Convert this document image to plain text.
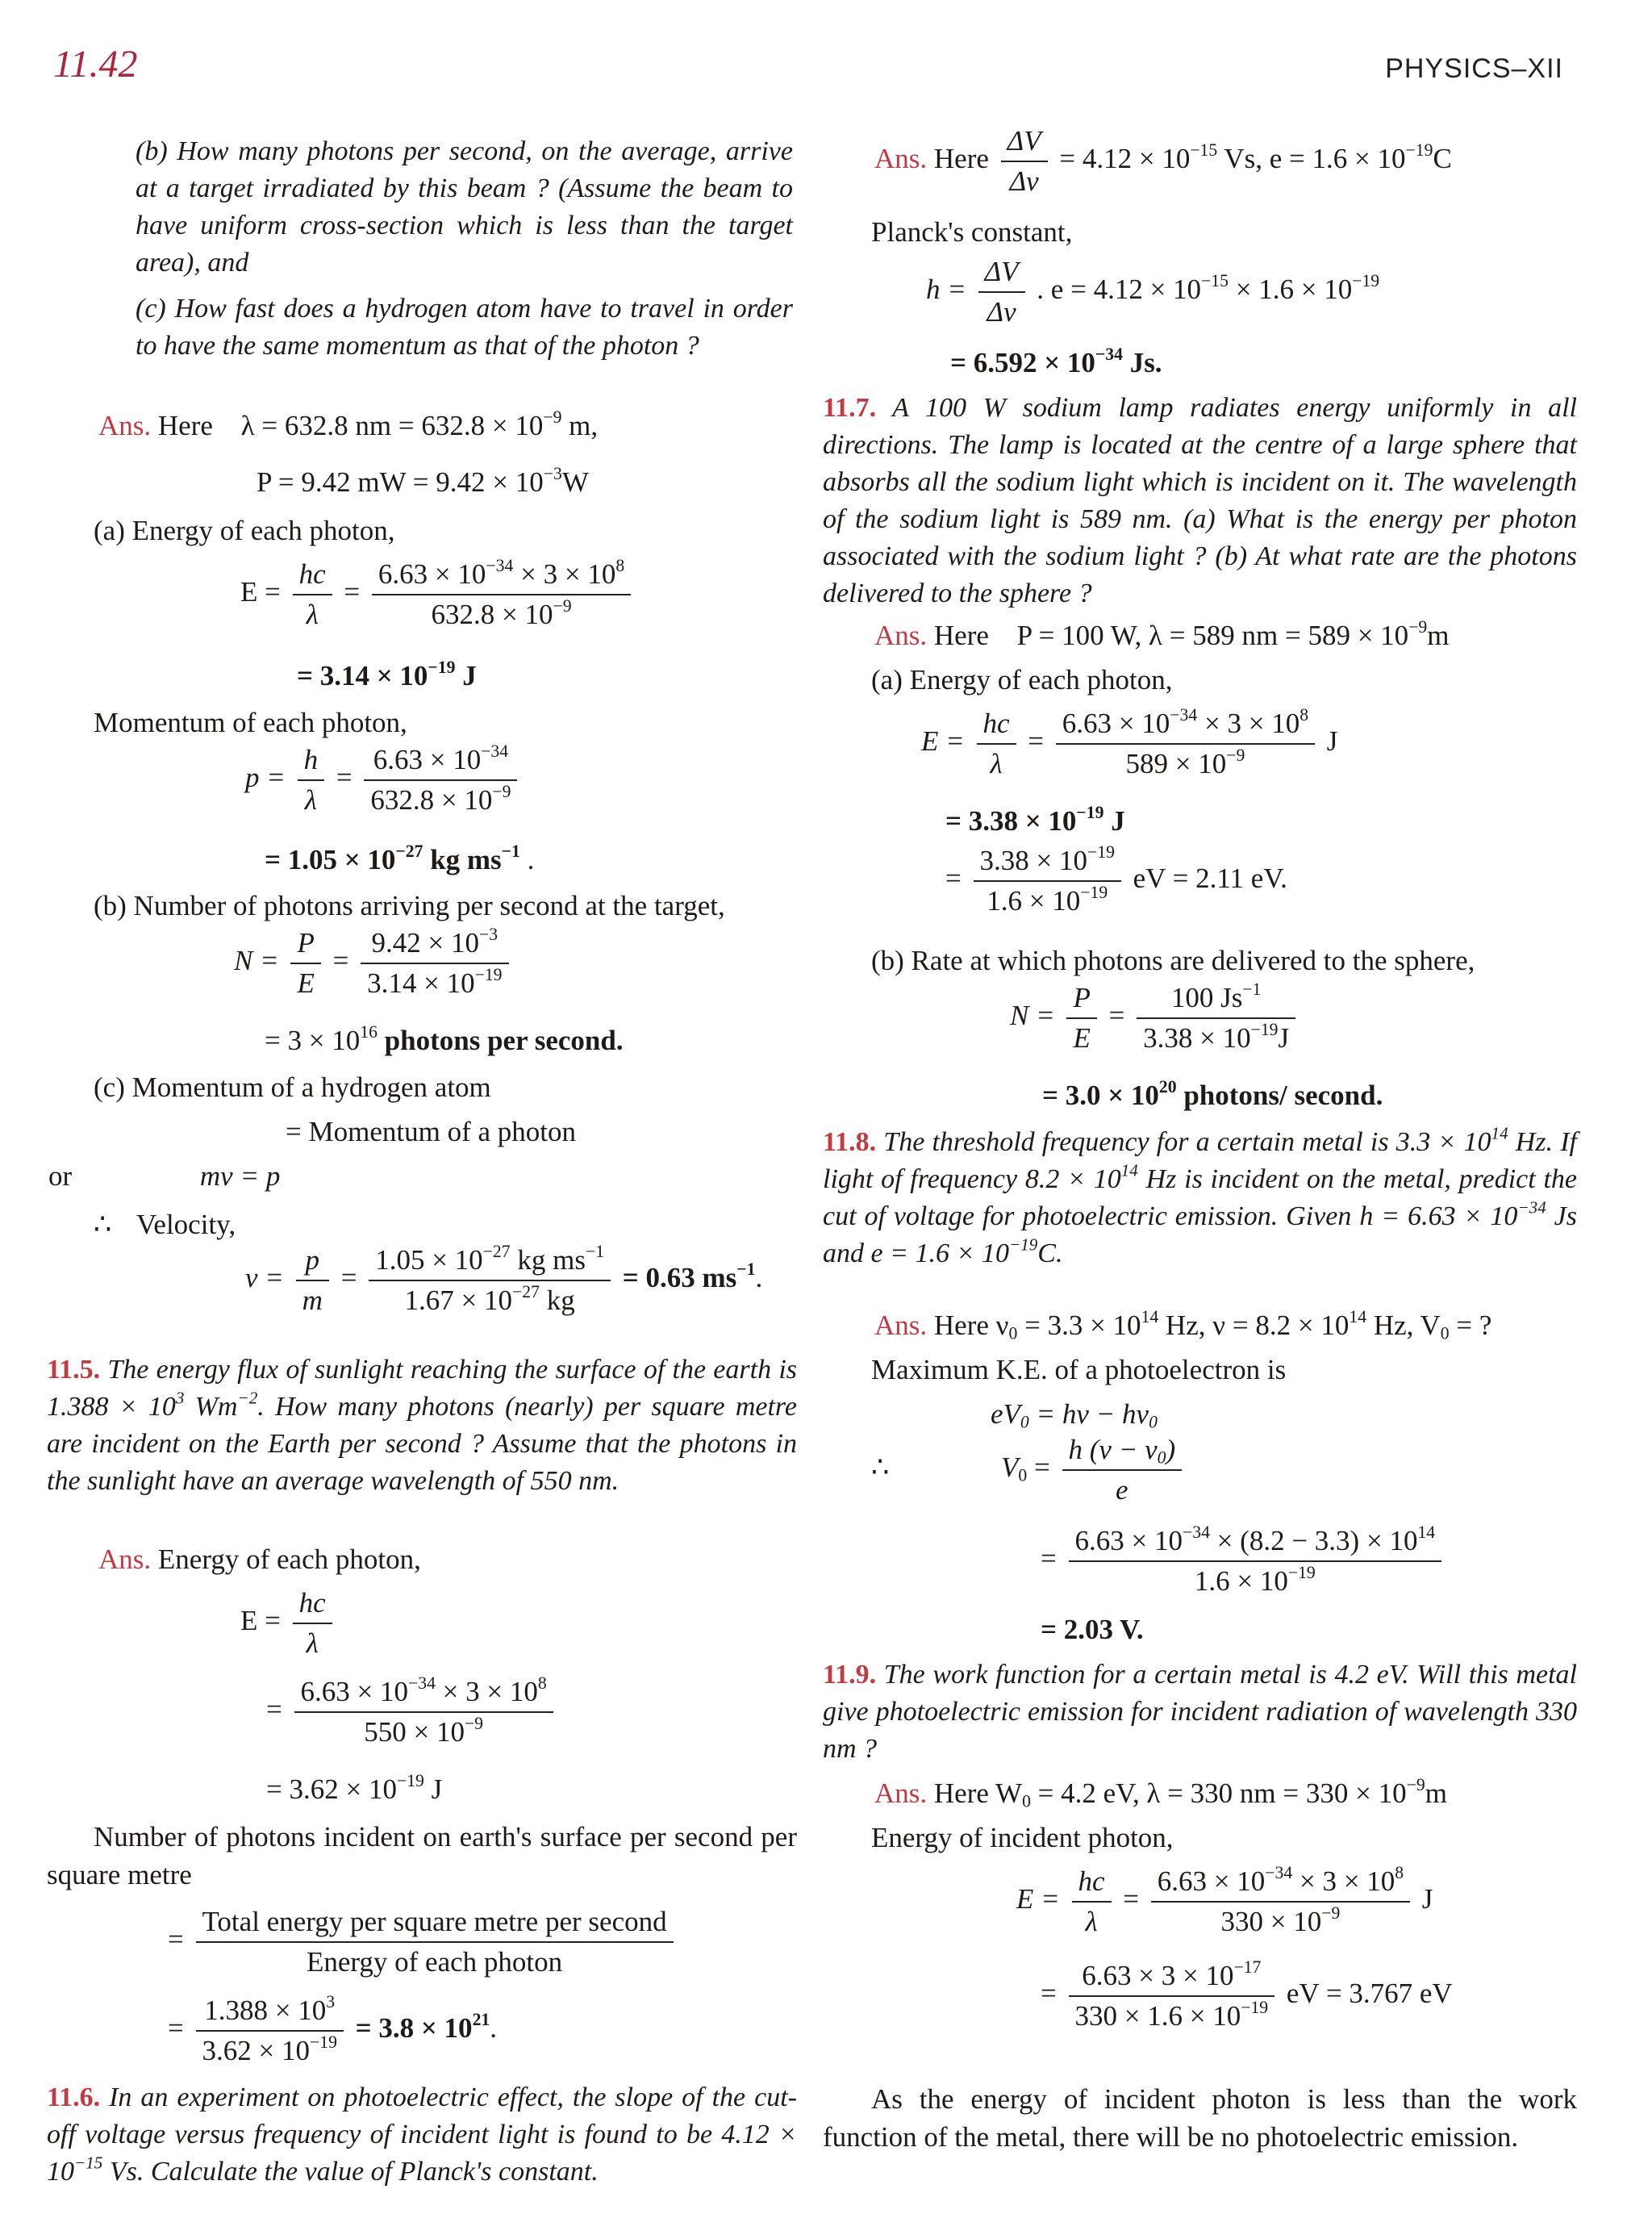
11.42	PHYSICS–XII
(b) How many photons per second, on the average, arrive at a target irradiated by this beam ? (Assume the beam to have uniform cross-section which is less than the target area), and
(c) How fast does a hydrogen atom have to travel in order to have the same momentum as that of the photon ?
Ans. Here λ = 632.8 nm = $632.8 \times 10^{-9}$ m,
P = 9.42 mW = $9.42 \times 10^{-3}W$
(a) Energy of each photon,
$E = \frac{hc}{\lambda} = \frac{6.63 \times 10^{-34} \times 3 \times 10^8}{632.8 \times 10^{-9}}$
= $3.14 \times 10^{-19}$ J
Momentum of each photon,
$p = \frac{h}{\lambda} = \frac{6.63 \times 10^{-34}}{632.8 \times 10^{-9}}$
= $1.05 \times 10^{-27}$ kg $ms^{-1}$ .
(b) Number of photons arriving per second at the target,
$N = \frac{P}{E} = \frac{9.42 \times 10^{-3}}{3.14 \times 10^{-19}}$
= $3 \times 10^{16}$ photons per second.
(c) Momentum of a hydrogen atom
= Momentum of a photon
or	mv = p
∴ Velocity,
$v = \frac{p}{m} = \frac{1.05 \times 10^{-27} kg ms^{-1}}{1.67 \times 10^{-27} kg} = 0.63$ $ms^{-1}$.
11.5. The energy flux of sunlight reaching the surface of the earth is $1.388 \times 10^3$ $Wm^{-2}$. How many photons (nearly) per square metre are incident on the Earth per second ? Assume that the photons in the sunlight have an average wavelength of 550 nm.
Ans. Energy of each photon,
$E = \frac{hc}{\lambda}$
= $\frac{6.63 \times 10^{-34} \times 3 \times 10^8}{550 \times 10^{-9}}$
= $3.62 \times 10^{-19}$ J
Number of photons incident on earth's surface per second per square metre
= $\frac{\text{Total energy per square metre per second}}{\text{Energy of each photon}}$
= $\frac{1.388 \times 10^3}{3.62 \times 10^{-19}} = 3.8 \times 10^{21}$.
11.6. In an experiment on photoelectric effect, the slope of the cut-off voltage versus frequency of incident light is found to be $4.12 \times 10^{-15}$ Vs. Calculate the value of Planck's constant.
Ans. Here $\frac{\Delta V}{\Delta\nu} = 4.12 \times 10^{-15}$ Vs, $e = 1.6 \times 10^{-19}C$
Planck's constant,
$h = \frac{\Delta V}{\Delta\nu}$ . $e = 4.12 \times 10^{-15} \times 1.6 \times 10^{-19}$
= $6.592 \times 10^{-34}$ Js.
11.7. A 100 W sodium lamp radiates energy uniformly in all directions. The lamp is located at the centre of a large sphere that absorbs all the sodium light which is incident on it. The wavelength of the sodium light is 589 nm. (a) What is the energy per photon associated with the sodium light ? (b) At what rate are the photons delivered to the sphere ?
Ans. Here P = 100 W, λ = 589 nm = $589 \times 10^{-9}m$
(a) Energy of each photon,
$E = \frac{hc}{\lambda} = \frac{6.63 \times 10^{-34} \times 3 \times 10^8}{589 \times 10^{-9}}$ J
= $3.38 \times 10^{-19}$ J
= $\frac{3.38 \times 10^{-19}}{1.6 \times 10^{-19}}$ eV = 2.11 eV.
(b) Rate at which photons are delivered to the sphere,
$N = \frac{P}{E} = \frac{100 Js^{-1}}{3.38 \times 10^{-19}J}$
= $3.0 \times 10^{20}$ photons/ second.
11.8. The threshold frequency for a certain metal is $3.3 \times 10^{14}$ Hz. If light of frequency $8.2 \times 10^{14}$ Hz is incident on the metal, predict the cut of voltage for photoelectric emission. Given $h = 6.63 \times 10^{-34}$ Js and $e = 1.6 \times 10^{-19}C$.
Ans. Here $\nu_0 = 3.3 \times 10^{14}$ Hz, $\nu = 8.2 \times 10^{14}$ Hz, $V_0$ = ?
Maximum K.E. of a photoelectron is
$eV_0 = h\nu - h\nu_0$
∴	$V_0 = \frac{h (\nu - \nu_0)}{e}$
= $\frac{6.63 \times 10^{-34} \times (8.2 - 3.3) \times 10^{14}}{1.6 \times 10^{-19}}$
= 2.03 V.
11.9. The work function for a certain metal is 4.2 eV. Will this metal give photoelectric emission for incident radiation of wavelength 330 nm ?
Ans. Here $W_0 = 4.2$ eV, λ = 330 nm = $330 \times 10^{-9}m$
Energy of incident photon,
$E = \frac{hc}{\lambda} = \frac{6.63 \times 10^{-34} \times 3 \times 10^8}{330 \times 10^{-9}}$ J
= $\frac{6.63 \times 3 \times 10^{-17}}{330 \times 1.6 \times 10^{-19}}$ eV = 3.767 eV
As the energy of incident photon is less than the work function of the metal, there will be no photoelectric emission.
